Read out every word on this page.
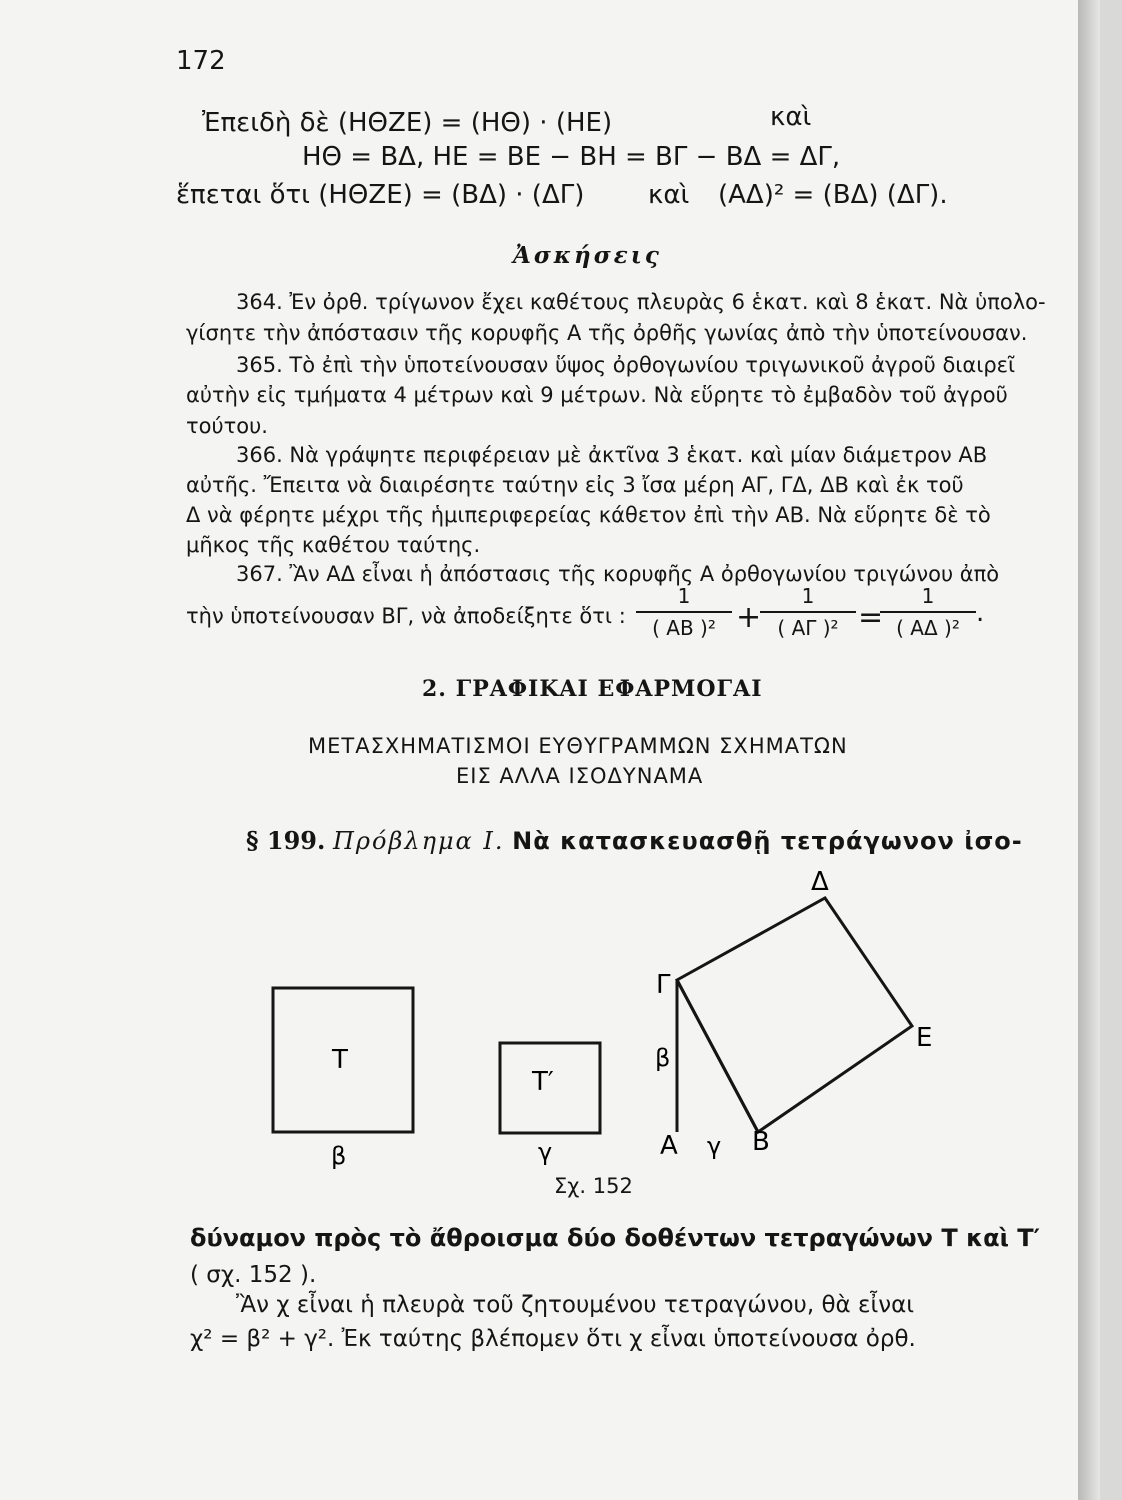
172
Ἐπειδὴ δὲ (ΗΘΖΕ) = (ΗΘ) · (ΗΕ)	καὶ
ΗΘ = ΒΔ, ΗΕ = ΒΕ − ΒΗ = ΒΓ − ΒΔ = ΔΓ,
ἕπεται ὅτι (ΗΘΖΕ) = (ΒΔ) · (ΔΓ) καὶ (ΑΔ)² = (ΒΔ) (ΔΓ).
Ἀσκήσεις
364. Ἐν ὀρθ. τρίγωνον ἔχει καθέτους πλευρὰς 6 ἑκατ. καὶ 8 ἑκατ. Νὰ ὑπολο-
γίσητε τὴν ἀπόστασιν τῆς κορυφῆς Α τῆς ὀρθῆς γωνίας ἀπὸ τὴν ὑποτείνουσαν.
365. Τὸ ἐπὶ τὴν ὑποτείνουσαν ὕψος ὀρθογωνίου τριγωνικοῦ ἀγροῦ διαιρεῖ
αὐτὴν εἰς τμήματα 4 μέτρων καὶ 9 μέτρων. Νὰ εὕρητε τὸ ἐμβαδὸν τοῦ ἀγροῦ
τούτου.
366. Νὰ γράψητε περιφέρειαν μὲ ἀκτῖνα 3 ἑκατ. καὶ μίαν διάμετρον ΑΒ
αὐτῆς. Ἔπειτα νὰ διαιρέσητε ταύτην εἰς 3 ἴσα μέρη ΑΓ, ΓΔ, ΔΒ καὶ ἐκ τοῦ
Δ νὰ φέρητε μέχρι τῆς ἡμιπεριφερείας κάθετον ἐπὶ τὴν ΑΒ. Νὰ εὕρητε δὲ τὸ
μῆκος τῆς καθέτου ταύτης.
367. Ἂν ΑΔ εἶναι ἡ ἀπόστασις τῆς κορυφῆς Α ὀρθογωνίου τριγώνου ἀπὸ
τὴν ὑποτείνουσαν ΒΓ, νὰ ἀποδείξητε ὅτι :
1
( ΑΒ )² +
1
( ΑΓ )² =
1
( ΑΔ )² .
2. ΓΡΑΦΙΚΑΙ ΕΦΑΡΜΟΓΑΙ
ΜΕΤΑΣΧΗΜΑΤΙΣΜΟΙ ΕΥΘΥΓΡΑΜΜΩΝ ΣΧΗΜΑΤΩΝ
ΕΙΣ ΑΛΛΑ ΙΣΟΔΥΝΑΜΑ
§ 199. Πρόβλημα Ι. Νὰ κατασκευασθῇ τετράγωνον ἰσο-
Τ
β
Τ′
γ
Δ
Γ
Ε
β
Α γ Β
Σχ. 152
δύναμον πρὸς τὸ ἄθροισμα δύο δοθέντων τετραγώνων Τ καὶ Τ′
( σχ. 152 ).
Ἂν χ εἶναι ἡ πλευρὰ τοῦ ζητουμένου τετραγώνου, θὰ εἶναι
χ² = β² + γ². Ἐκ ταύτης βλέπομεν ὅτι χ εἶναι ὑποτείνουσα ὀρθ.
